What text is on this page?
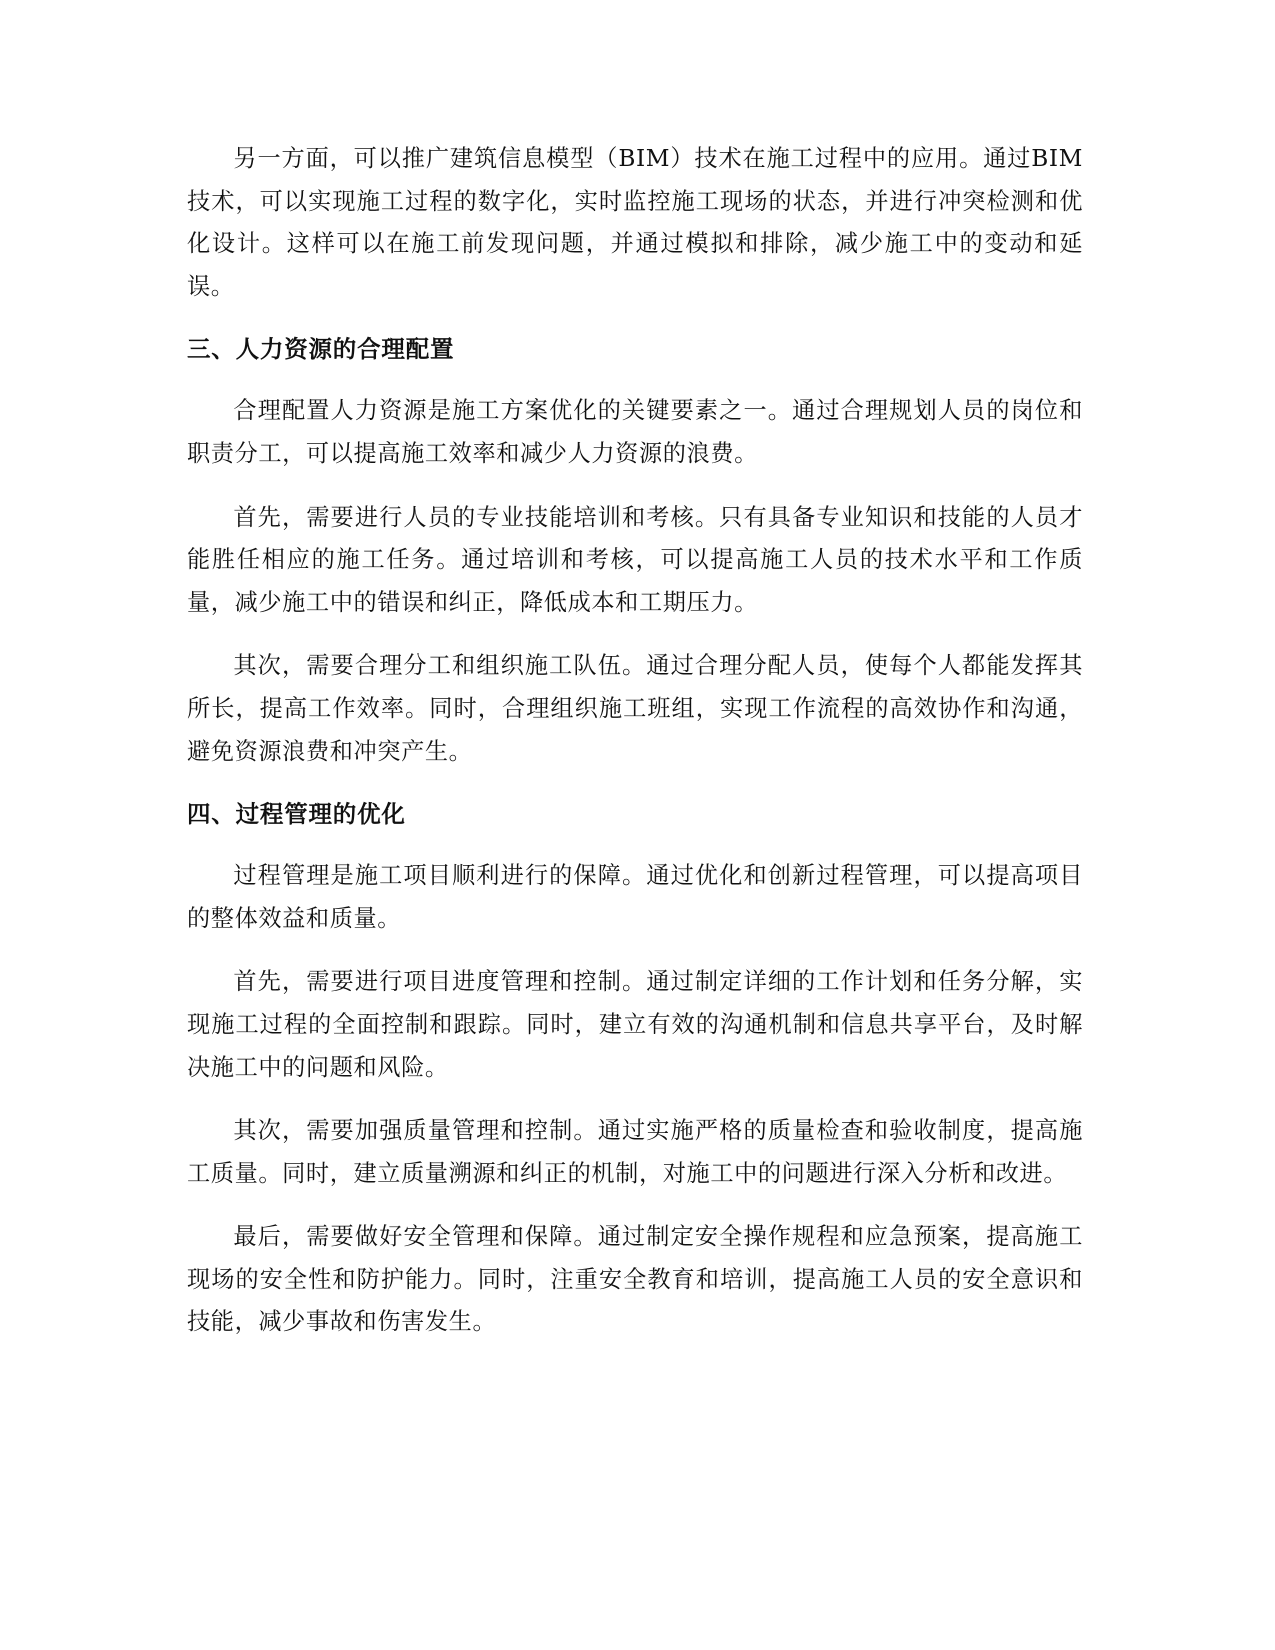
另一方面，可以推广建筑信息模型（BIM）技术在施工过程中的应用。通过BIM技术，可以实现施工过程的数字化，实时监控施工现场的状态，并进行冲突检测和优化设计。这样可以在施工前发现问题，并通过模拟和排除，减少施工中的变动和延误。

三、人力资源的合理配置

合理配置人力资源是施工方案优化的关键要素之一。通过合理规划人员的岗位和职责分工，可以提高施工效率和减少人力资源的浪费。

首先，需要进行人员的专业技能培训和考核。只有具备专业知识和技能的人员才能胜任相应的施工任务。通过培训和考核，可以提高施工人员的技术水平和工作质量，减少施工中的错误和纠正，降低成本和工期压力。

其次，需要合理分工和组织施工队伍。通过合理分配人员，使每个人都能发挥其所长，提高工作效率。同时，合理组织施工班组，实现工作流程的高效协作和沟通，避免资源浪费和冲突产生。

四、过程管理的优化

过程管理是施工项目顺利进行的保障。通过优化和创新过程管理，可以提高项目的整体效益和质量。

首先，需要进行项目进度管理和控制。通过制定详细的工作计划和任务分解，实现施工过程的全面控制和跟踪。同时，建立有效的沟通机制和信息共享平台，及时解决施工中的问题和风险。

其次，需要加强质量管理和控制。通过实施严格的质量检查和验收制度，提高施工质量。同时，建立质量溯源和纠正的机制，对施工中的问题进行深入分析和改进。

最后，需要做好安全管理和保障。通过制定安全操作规程和应急预案，提高施工现场的安全性和防护能力。同时，注重安全教育和培训，提高施工人员的安全意识和技能，减少事故和伤害发生。
